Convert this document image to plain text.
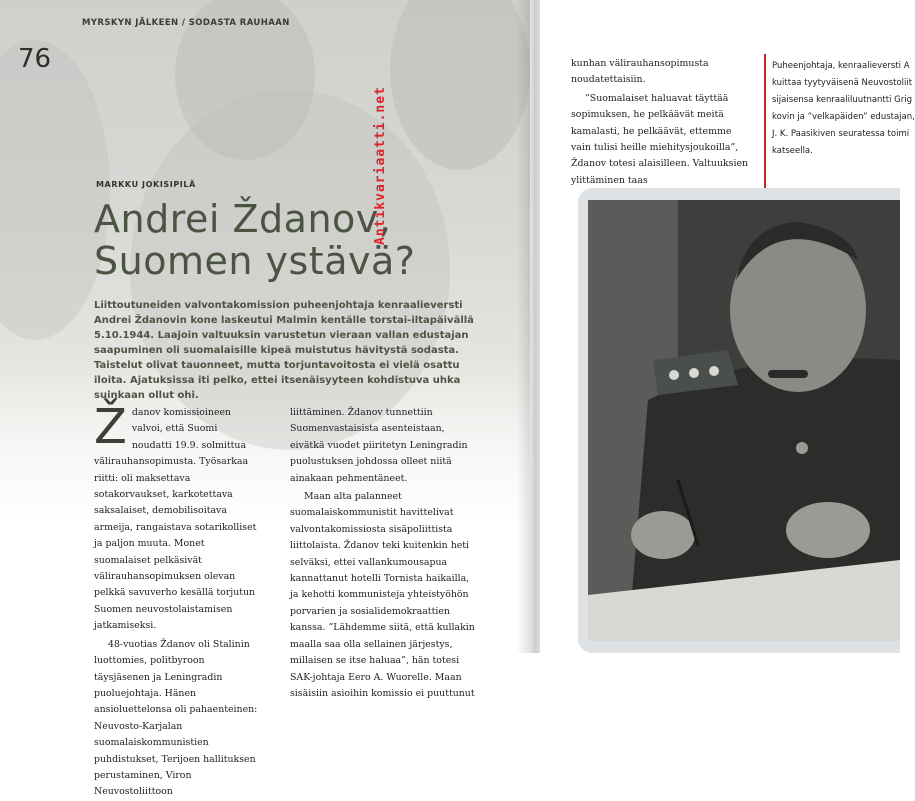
MYRSKYN JÄLKEEN / SODASTA RAUHAAN
76
MARKKU JOKISIPILÄ
Andrei Ždanov,
Suomen ystävä?

Liittoutuneiden valvontakomission puheenjohtaja kenraalieversti Andrei Ždanovin kone laskeutui Malmin kentälle torstai-iltapäivällä 5.10.1944. Laajoin valtuuksin varustetun vieraan vallan edustajan saapuminen oli suomalaisille kipeä muistutus hävitystä sodasta. Taistelut olivat tauonneet, mutta torjuntavoitosta ei vielä osattu iloita. Ajatuksissa iti pelko, ettei itsenäisyyteen kohdistuva uhka suinkaan ollut ohi.

Ždanov komissioineen valvoi, että Suomi noudatti 19.9. solmittua välirauhansopimusta. Työsarkaa riitti: oli maksettava sotakorvaukset, karkotettava saksalaiset, demobilisoitava armeija, rangaistava sotarikolliset ja paljon muuta. Monet suomalaiset pelkäsivät välirauhansopimuksen olevan pelkkä savuverho kesällä torjutun Suomen neuvostolaistamisen jatkamiseksi.

48-vuotias Ždanov oli Stalinin luottomies, politbyroon täysjäsenen ja Leningradin puoluejohtaja. Hänen ansioluettelonsa oli pahaenteinen: Neuvosto-Karjalan suomalaiskommunistien puhdistukset, Terijoen hallituksen perustaminen, Viron Neuvostoliittoon

liittäminen. Ždanov tunnettiin Suomenvastaisista asenteistaan, eivätkä vuodet piiritetyn Leningradin puolustuksen johdossa olleet niitä ainakaan pehmentäneet.

Maan alta palanneet suomalaiskommunistit havittelivat valvontakomissiosta sisäpoliittista liittolaista. Ždanov teki kuitenkin heti selväksi, ettei vallankumousapua kannattanut hotelli Tornista haikailla, ja kehotti kommunisteja yhteistyöhön porvarien ja sosialidemokraattien kanssa. ”Lähdemme siitä, että kullakin maalla saa olla sellainen järjestys, millaisen se itse haluaa”, hän totesi SAK-johtaja Eero A. Wuorelle. Maan sisäisiin asioihin komissio ei puuttunut

kunhan välirauhansopimusta noudatettaisiin.

”Suomalaiset haluavat täyttää sopimuksen, he pelkäävät meitä kamalasti, he pelkäävät, ettemme vain tulisi heille miehitysjoukoilla”, Ždanov totesi alaisilleen. Valtuuksien ylittäminen taas

Puheenjohtaja, kenraalieversti A
kuittaa tyytyväisenä Neuvostoliit
sijaisensa kenraaliluutnantti Grig
kovin ja ”velkapäiden” edustajan,
J. K. Paasikiven seuratessa toimi
katseella.
Antikvariaatti.net
